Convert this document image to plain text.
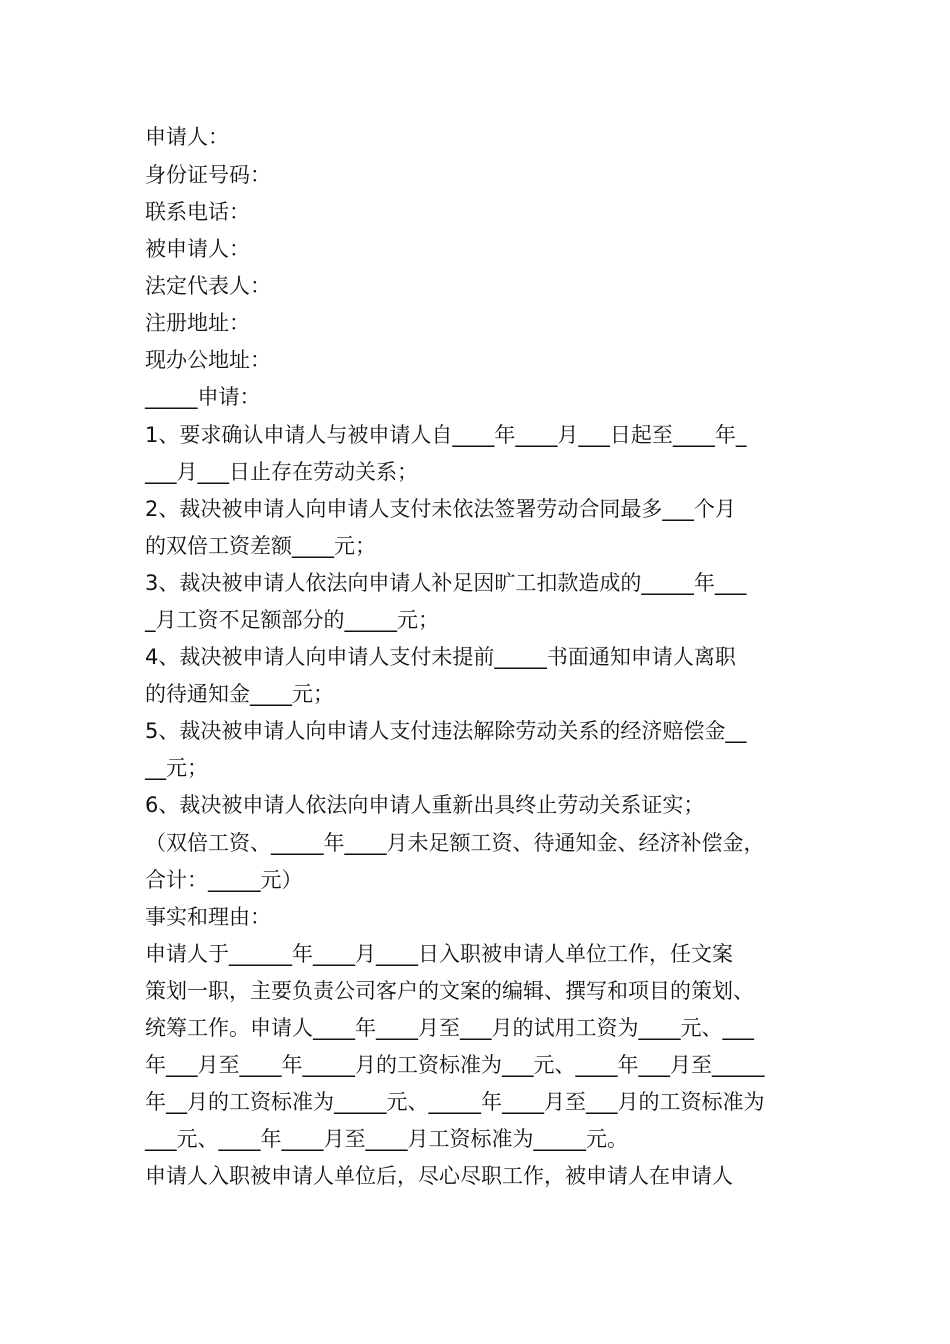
申请人：
身份证号码：
联系电话：
被申请人：
法定代表人：
注册地址：
现办公地址：
_____申请：
1、要求确认申请人与被申请人自____年____月___日起至____年_
___月___日止存在劳动关系；
2、裁决被申请人向申请人支付未依法签署劳动合同最多___个月
的双倍工资差额____元；
3、裁决被申请人依法向申请人补足因旷工扣款造成的_____年___
_月工资不足额部分的_____元；
4、裁决被申请人向申请人支付未提前_____书面通知申请人离职
的待通知金____元；
5、裁决被申请人向申请人支付违法解除劳动关系的经济赔偿金__
__元；
6、裁决被申请人依法向申请人重新出具终止劳动关系证实；
（双倍工资、_____年____月未足额工资、待通知金、经济补偿金，
合计：_____元）
事实和理由：
申请人于______年____月____日入职被申请人单位工作，任文案
策划一职，主要负责公司客户的文案的编辑、撰写和项目的策划、
统筹工作。申请人____年____月至___月的试用工资为____元、___
年___月至____年_____月的工资标准为___元、____年___月至_____
年__月的工资标准为_____元、_____年____月至___月的工资标准为
___元、____年____月至____月工资标准为_____元。
申请人入职被申请人单位后，尽心尽职工作，被申请人在申请人
